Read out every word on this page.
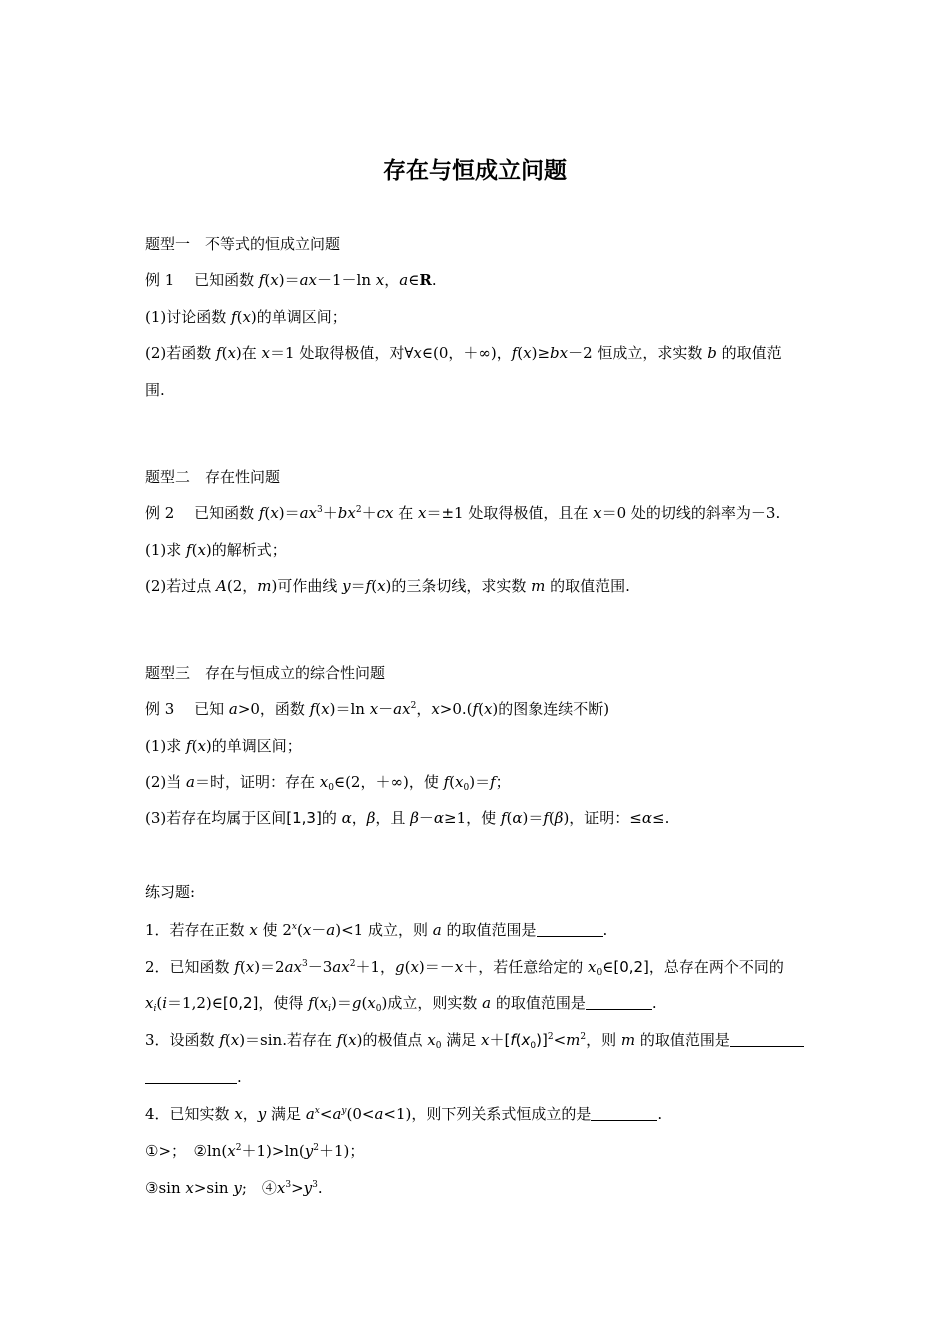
存在与恒成立问题
题型一　不等式的恒成立问题
例 1　 已知函数 f(x)＝ax－1－ln x，a∈R.
(1)讨论函数 f(x)的单调区间；
(2)若函数 f(x)在 x＝1 处取得极值，对∀x∈(0，＋∞)，f(x)≥bx－2 恒成立，求实数 b 的取值范
围.
题型二　存在性问题
例 2　 已知函数 $f(x)=ax^3+bx^2+cx$ 在 x＝±1 处取得极值，且在 x＝0 处的切线的斜率为－3.
(1)求 f(x)的解析式；
(2)若过点 A(2，m)可作曲线 y＝f(x)的三条切线，求实数 m 的取值范围.
题型三　存在与恒成立的综合性问题
例 3　 已知 a>0，函数 f(x)＝ln $x-ax^2$，x>0.(f(x)的图象连续不断)
(1)求 f(x)的单调区间；
(2)当 a＝时，证明：存在 $x_0\in(2$，＋∞)，使 $f(x_0)=f$；
(3)若存在均属于区间[1,3]的 α，β，且 β－α≥1，使 f(α)＝f(β)，证明：≤α≤.
练习题:
1．若存在正数 x 使 $2^x(x-a)<1$ 成立，则 a 的取值范围是	.
2．已知函数 $f(x)=2ax^3-3ax^2+1$，g(x)＝－x＋，若任意给定的 $x_0\in[0,2]$，总存在两个不同的
$x_i(i=1,2)\in[0,2]$，使得 $f(x_i)=g(x_0)$成立，则实数 a 的取值范围是	.
3．设函数 f(x)＝sin.若存在 f(x)的极值点 $x_0$ 满足 $x+[f(x_0)]^2<m^2$，则 m 的取值范围是
.
4．已知实数 x，y 满足 $a^x<a^y(0<a<1)$，则下列关系式恒成立的是	.
①>；　$②\ln(x^2+1)>\ln(y^2+1)$；
③sin x>sin y;　$④x^3>y^3$.
